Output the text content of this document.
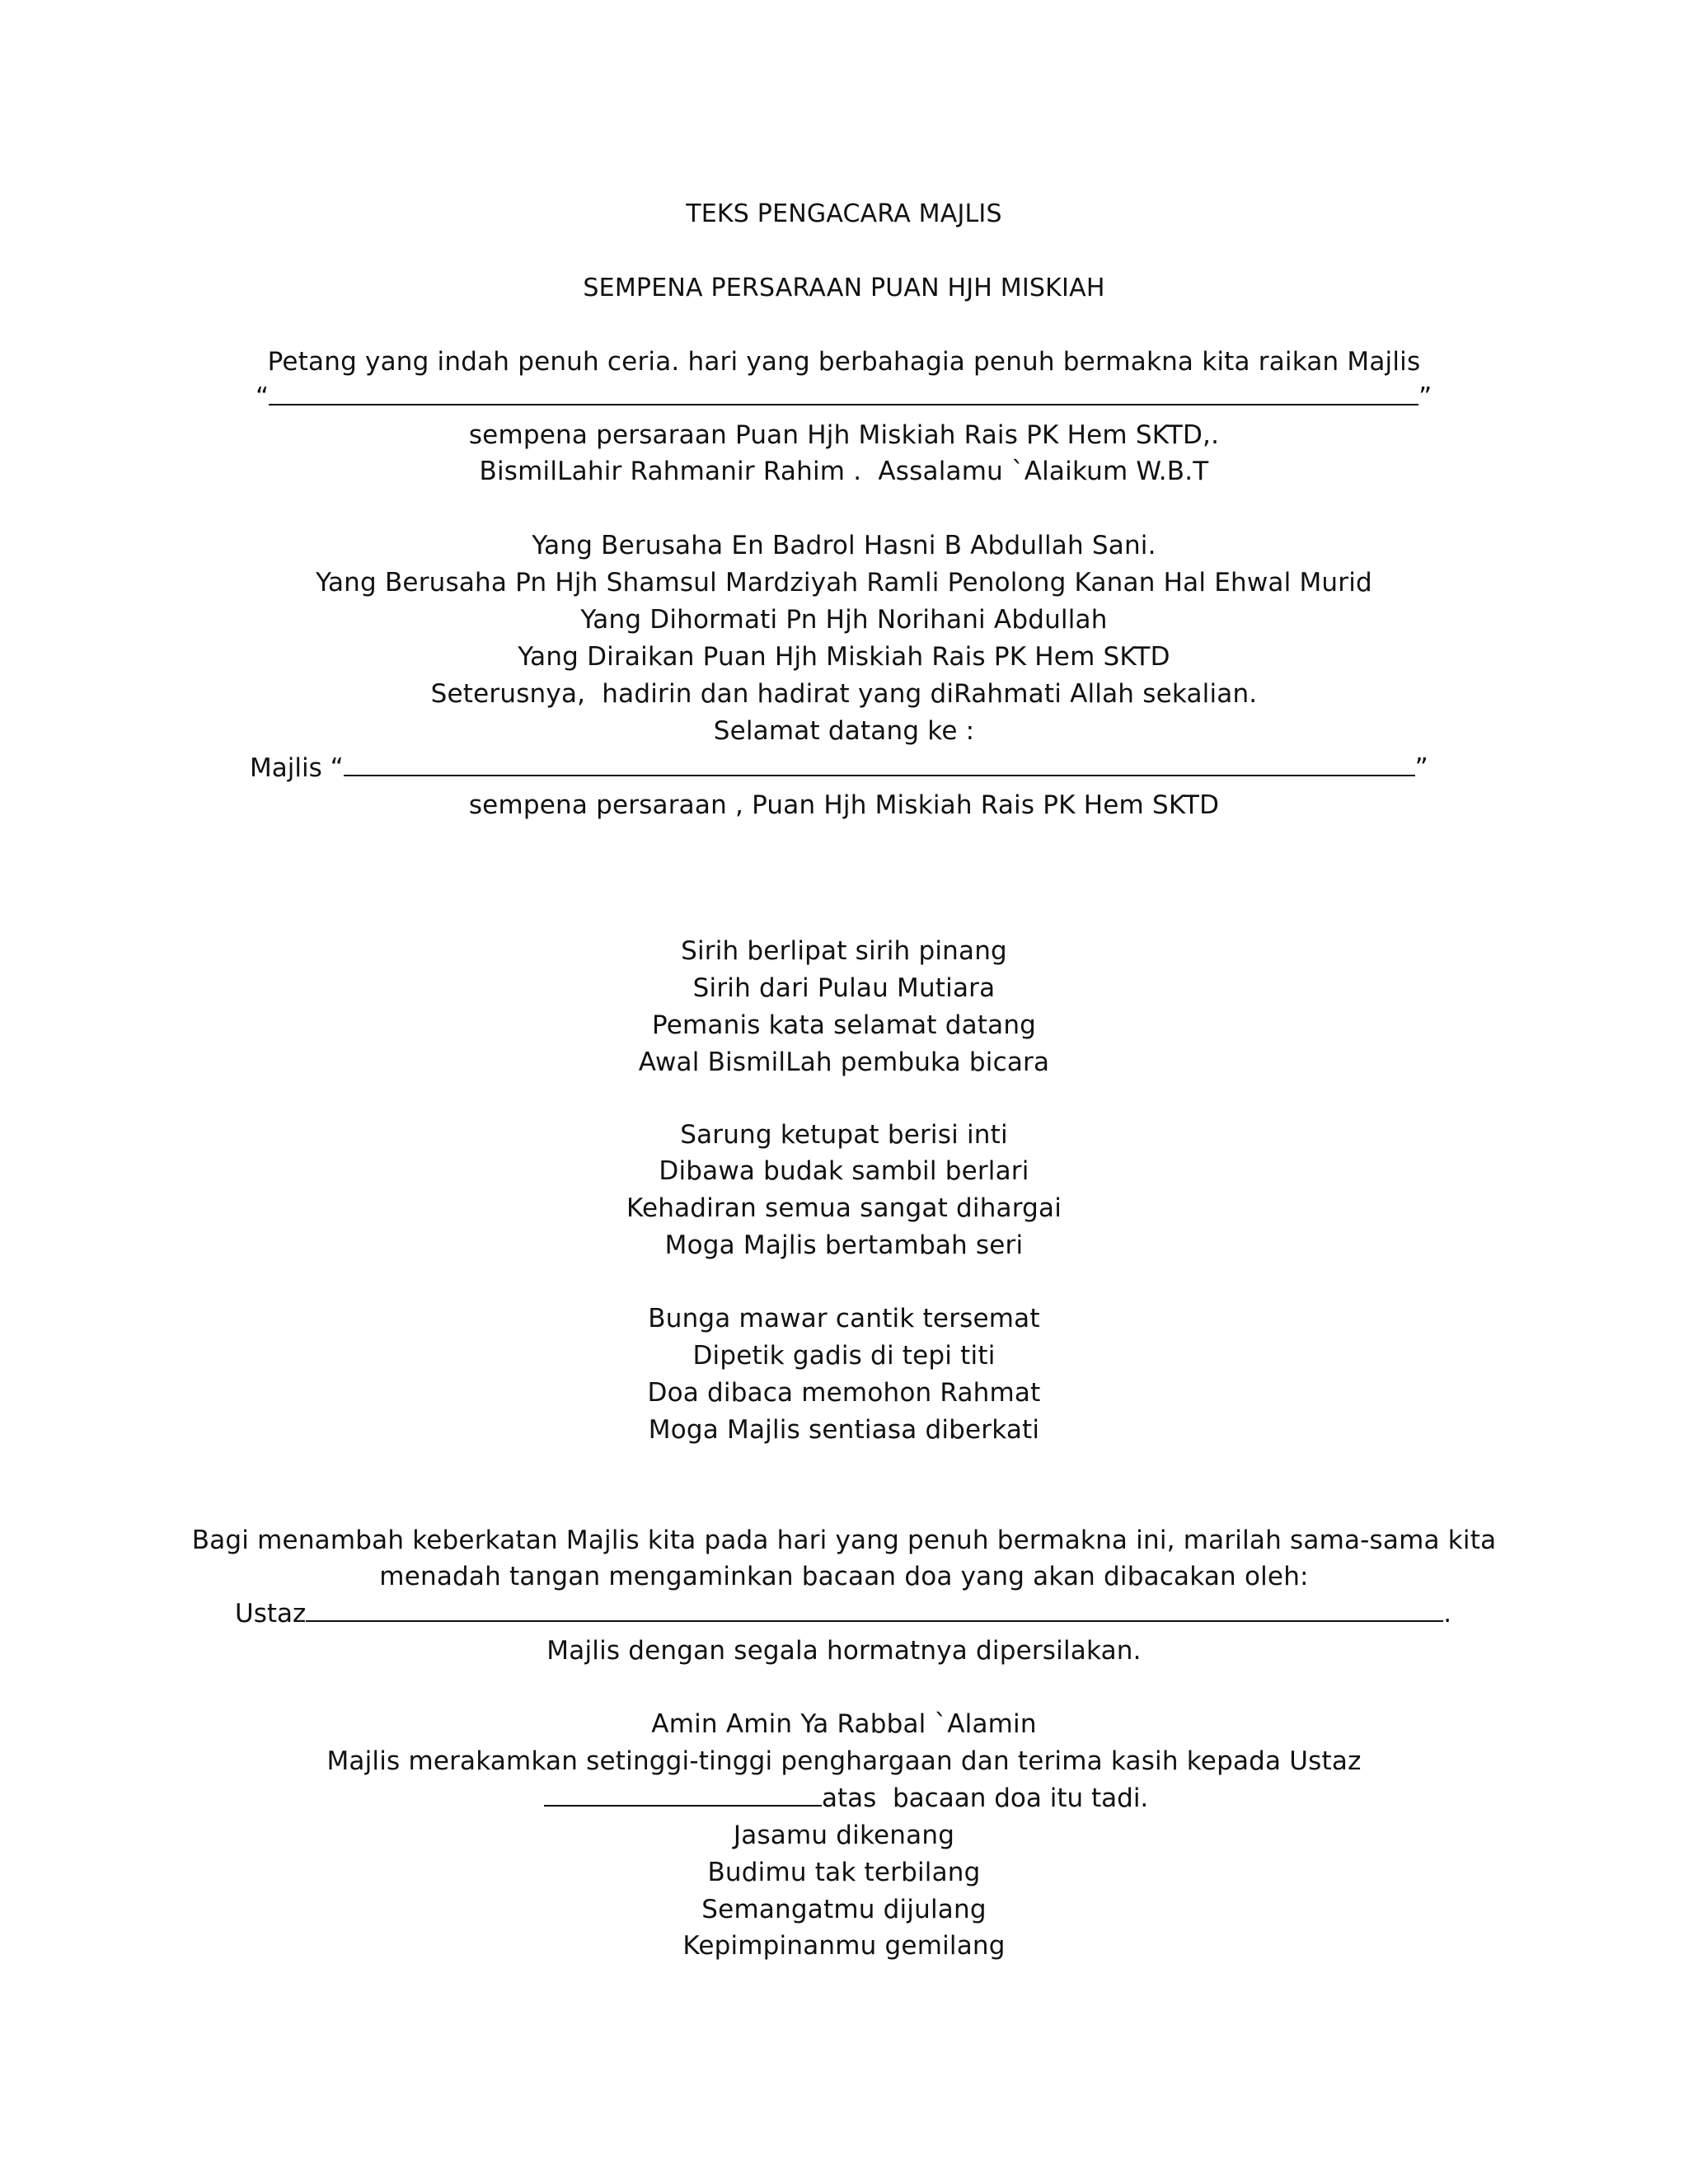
TEKS PENGACARA MAJLIS
SEMPENA PERSARAAN PUAN HJH MISKIAH
Petang yang indah penuh ceria. hari yang berbahagia penuh bermakna kita raikan Majlis
“	”
sempena persaraan Puan Hjh Miskiah Rais PK Hem SKTD,.
BismilLahir Rahmanir Rahim .  Assalamu `Alaikum W.B.T
Yang Berusaha En Badrol Hasni B Abdullah Sani.
Yang Berusaha Pn Hjh Shamsul Mardziyah Ramli Penolong Kanan Hal Ehwal Murid
Yang Dihormati Pn Hjh Norihani Abdullah
Yang Diraikan Puan Hjh Miskiah Rais PK Hem SKTD
Seterusnya,  hadirin dan hadirat yang diRahmati Allah sekalian.
Selamat datang ke :
Majlis “	”
sempena persaraan , Puan Hjh Miskiah Rais PK Hem SKTD
Sirih berlipat sirih pinang
Sirih dari Pulau Mutiara
Pemanis kata selamat datang
Awal BismilLah pembuka bicara
Sarung ketupat berisi inti
Dibawa budak sambil berlari
Kehadiran semua sangat dihargai
Moga Majlis bertambah seri
Bunga mawar cantik tersemat
Dipetik gadis di tepi titi
Doa dibaca memohon Rahmat
Moga Majlis sentiasa diberkati
Bagi menambah keberkatan Majlis kita pada hari yang penuh bermakna ini, marilah sama-sama kita
menadah tangan mengaminkan bacaan doa yang akan dibacakan oleh:
Ustaz	.
Majlis dengan segala hormatnya dipersilakan.
Amin Amin Ya Rabbal `Alamin
Majlis merakamkan setinggi-tinggi penghargaan dan terima kasih kepada Ustaz
atas  bacaan doa itu tadi.
Jasamu dikenang
Budimu tak terbilang
Semangatmu dijulang
Kepimpinanmu gemilang
